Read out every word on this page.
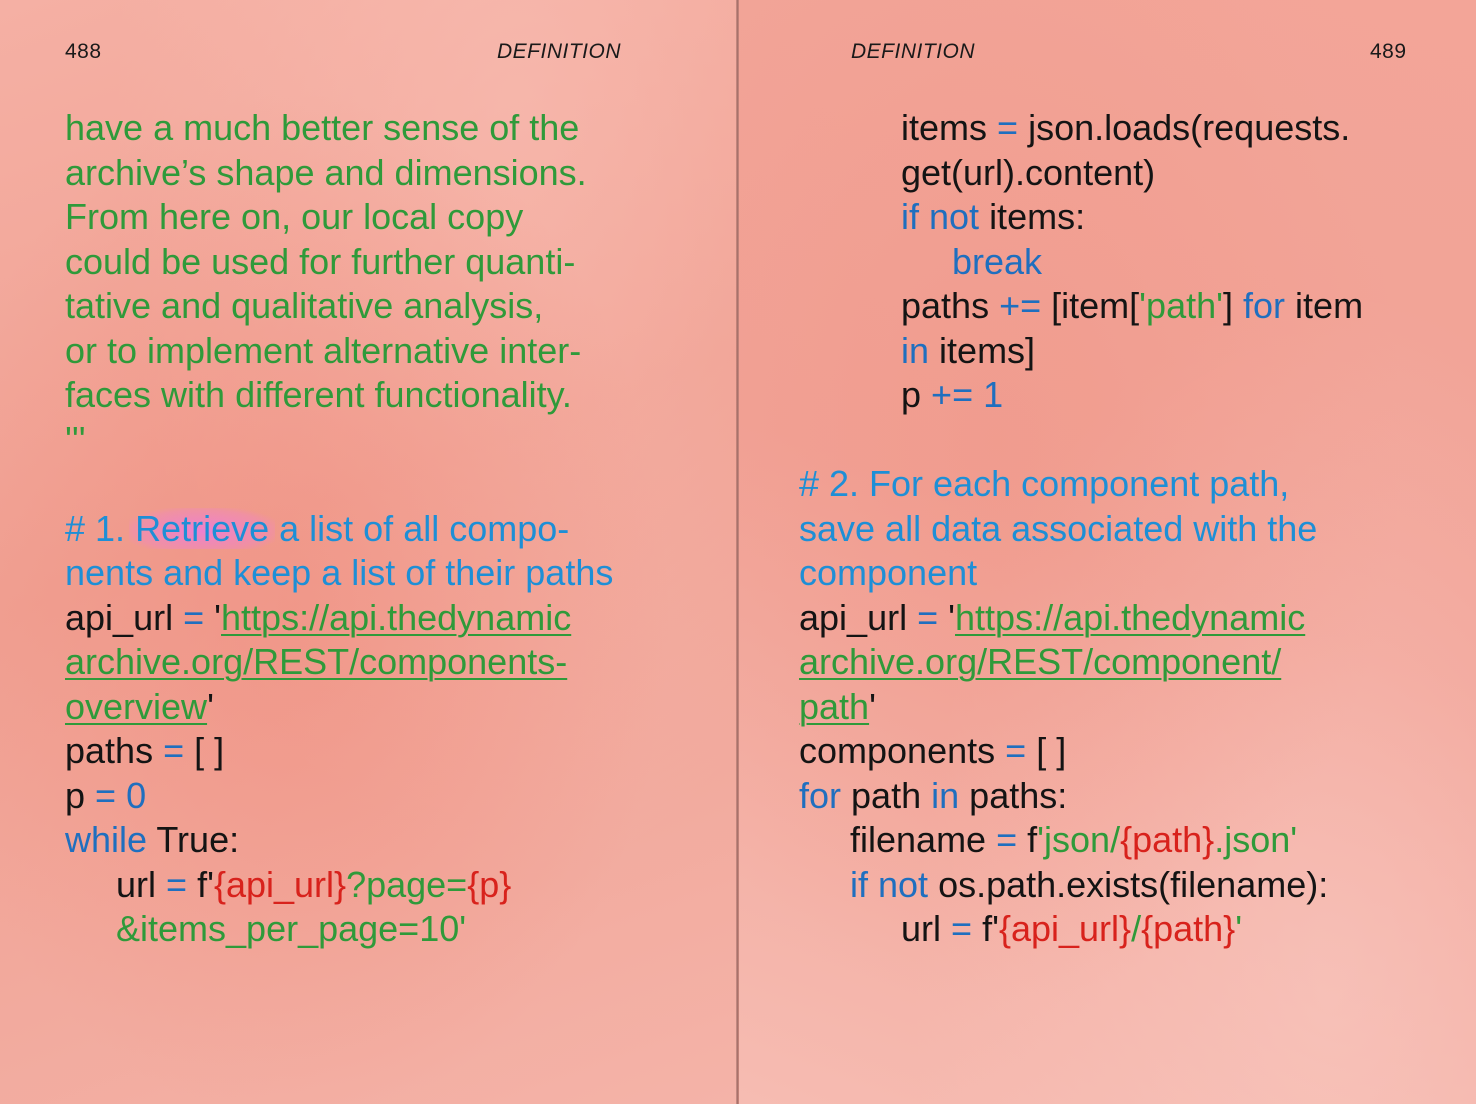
488	DEFINITION
have a much better sense of the
archive’s shape and dimensions.
From here on, our local copy
could be used for further quanti-
tative and qualitative analysis,
or to implement alternative inter-
faces with different functionality.
'''
# 1. Retrieve a list of all compo-
nents and keep a list of their paths
api_url = 'https://api.thedynamic
archive.org/REST/components-
overview'
paths = [ ]
p = 0
while True:
url = f'{api_url}?page={p}
&items_per_page=10'
DEFINITION	489
items = json.loads(requests.
get(url).content)
if not items:
break
paths += [item['path'] for item
in items]
p += 1
# 2. For each component path,
save all data associated with the
component
api_url = 'https://api.thedynamic
archive.org/REST/component/
path'
components = [ ]
for path in paths:
filename = f'json/{path}.json'
if not os.path.exists(filename):
url = f'{api_url}/{path}'
